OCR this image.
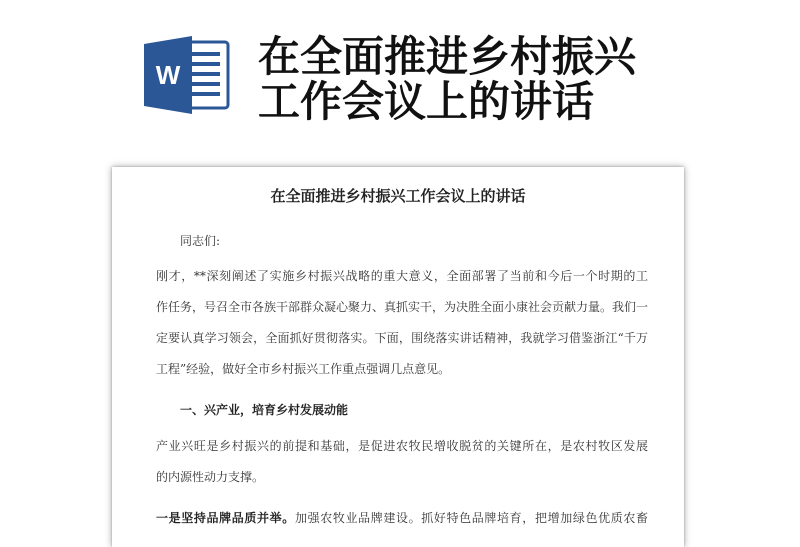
W 在全面推进乡村振兴
工作会议上的讲话
在全面推进乡村振兴工作会议上的讲话

同志们:

刚才，**深刻阐述了实施乡村振兴战略的重大意义，全面部署了当前和今后一个时期的工

作任务，号召全市各族干部群众凝心聚力、真抓实干，为决胜全面小康社会贡献力量。我们一

定要认真学习领会，全面抓好贯彻落实。下面，围绕落实讲话精神，我就学习借鉴浙江“千万

工程”经验，做好全市乡村振兴工作重点强调几点意见。

一、兴产业，培育乡村发展动能

产业兴旺是乡村振兴的前提和基础，是促进农牧民增收脱贫的关键所在，是农村牧区发展

的内源性动力支撑。

一是坚持品牌品质并举。加强农牧业品牌建设。抓好特色品牌培育，把增加绿色优质农畜
